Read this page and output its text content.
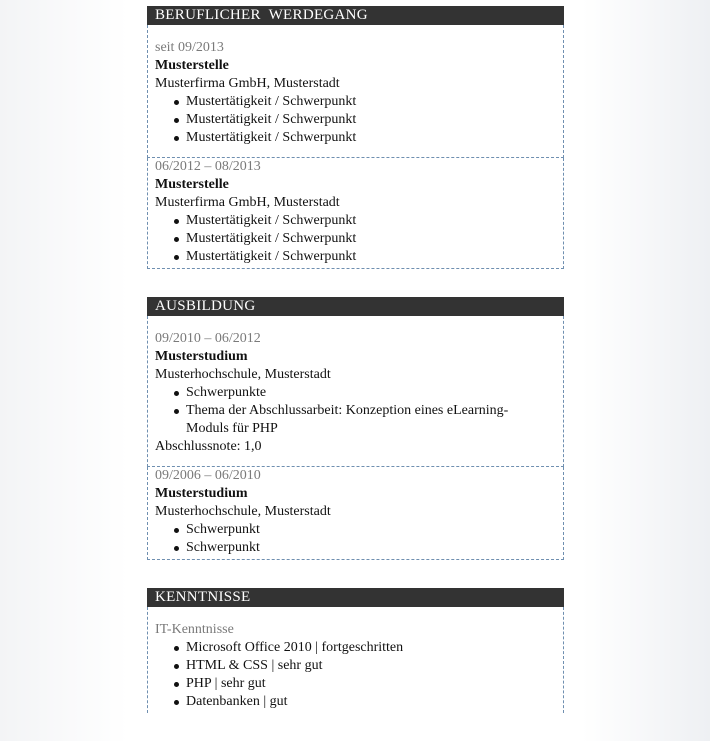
BERUFLICHER WERDEGANG
seit 09/2013
Musterstelle
Musterfirma GmbH, Musterstadt
Mustertätigkeit / Schwerpunkt
Mustertätigkeit / Schwerpunkt
Mustertätigkeit / Schwerpunkt
06/2012 – 08/2013
Musterstelle
Musterfirma GmbH, Musterstadt
Mustertätigkeit / Schwerpunkt
Mustertätigkeit / Schwerpunkt
Mustertätigkeit / Schwerpunkt
AUSBILDUNG
09/2010 – 06/2012
Musterstudium
Musterhochschule, Musterstadt
Schwerpunkte
Thema der Abschlussarbeit: Konzeption eines eLearning-Moduls für PHP
Abschlussnote: 1,0
09/2006 – 06/2010
Musterstudium
Musterhochschule, Musterstadt
Schwerpunkt
Schwerpunkt
KENNTNISSE
IT-Kenntnisse
Microsoft Office 2010 | fortgeschritten
HTML & CSS | sehr gut
PHP | sehr gut
Datenbanken | gut
